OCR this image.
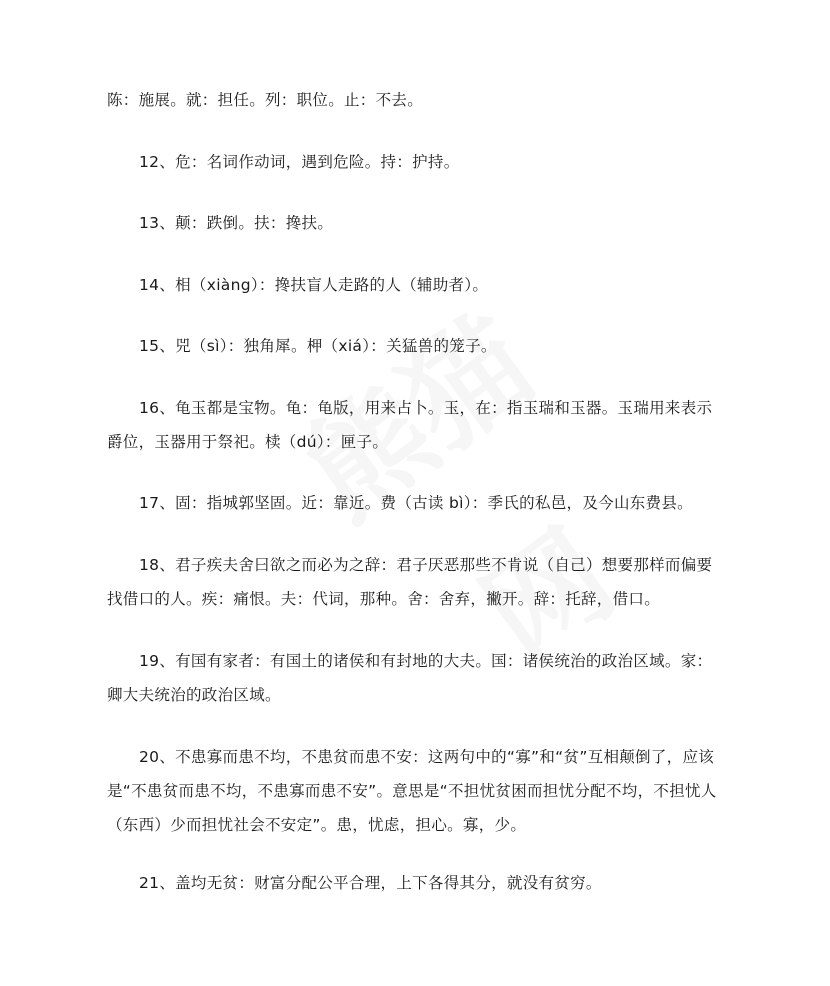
陈：施展。就：担任。列：职位。止：不去。

12、危：名词作动词，遇到危险。持：护持。

13、颠：跌倒。扶：搀扶。

14、相（xiàng）：搀扶盲人走路的人（辅助者）。

15、兕（sì）：独角犀。柙（xiá）：关猛兽的笼子。

16、龟玉都是宝物。龟：龟版，用来占卜。玉，在：指玉瑞和玉器。玉瑞用来表示爵位，玉器用于祭祀。椟（dú）：匣子。

17、固：指城郭坚固。近：靠近。费（古读 bì）：季氏的私邑，及今山东费县。

18、君子疾夫舍曰欲之而必为之辞：君子厌恶那些不肯说（自己）想要那样而偏要找借口的人。疾：痛恨。夫：代词，那种。舍：舍弃，撇开。辞：托辞，借口。

19、有国有家者：有国土的诸侯和有封地的大夫。国：诸侯统治的政治区域。家：卿大夫统治的政治区域。

20、不患寡而患不均，不患贫而患不安：这两句中的“寡”和“贫”互相颠倒了，应该是“不患贫而患不均，不患寡而患不安”。意思是“不担忧贫困而担忧分配不均，不担忧人（东西）少而担忧社会不安定”。患，忧虑，担心。寡，少。

21、盖均无贫：财富分配公平合理，上下各得其分，就没有贫穷。
